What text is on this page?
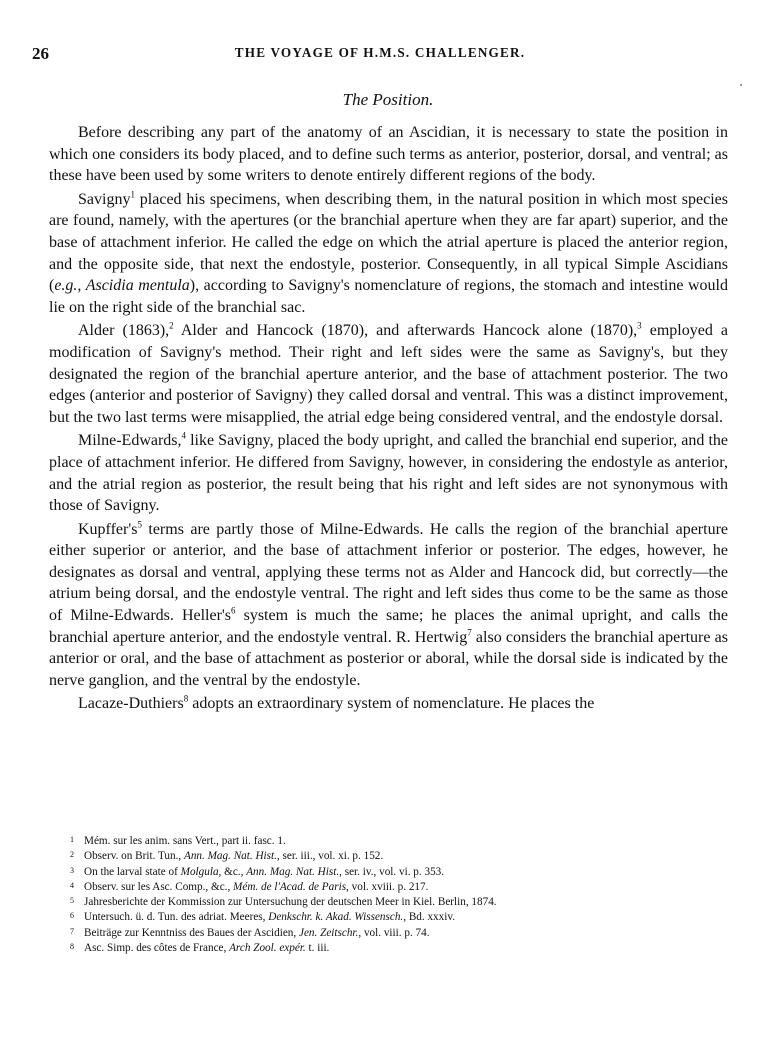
26	THE VOYAGE OF H.M.S. CHALLENGER.
The Position.

Before describing any part of the anatomy of an Ascidian, it is necessary to state the position in which one considers its body placed, and to define such terms as anterior, posterior, dorsal, and ventral; as these have been used by some writers to denote entirely different regions of the body.

Savigny$^1$ placed his specimens, when describing them, in the natural position in which most species are found, namely, with the apertures (or the branchial aperture when they are far apart) superior, and the base of attachment inferior. He called the edge on which the atrial aperture is placed the anterior region, and the opposite side, that next the endostyle, posterior. Consequently, in all typical Simple Ascidians (e.g., Ascidia mentula), according to Savigny's nomenclature of regions, the stomach and intestine would lie on the right side of the branchial sac.

Alder (1863),$^2$ Alder and Hancock (1870), and afterwards Hancock alone (1870),$^3$ employed a modification of Savigny's method. Their right and left sides were the same as Savigny's, but they designated the region of the branchial aperture anterior, and the base of attachment posterior. The two edges (anterior and posterior of Savigny) they called dorsal and ventral. This was a distinct improvement, but the two last terms were misapplied, the atrial edge being considered ventral, and the endostyle dorsal.

Milne-Edwards,$^4$ like Savigny, placed the body upright, and called the branchial end superior, and the place of attachment inferior. He differed from Savigny, however, in considering the endostyle as anterior, and the atrial region as posterior, the result being that his right and left sides are not synonymous with those of Savigny.

$Kupffer's^5$ terms are partly those of Milne-Edwards. He calls the region of the branchial aperture either superior or anterior, and the base of attachment inferior or posterior. The edges, however, he designates as dorsal and ventral, applying these terms not as Alder and Hancock did, but correctly—the atrium being dorsal, and the endostyle ventral. The right and left sides thus come to be the same as those of Milne-Edwards. $Heller's^6$ system is much the same; he places the animal upright, and calls the branchial aperture anterior, and the endostyle ventral. R. Hertwig$^7$ also considers the branchial aperture as anterior or oral, and the base of attachment as posterior or aboral, while the dorsal side is indicated by the nerve ganglion, and the ventral by the endostyle.

Lacaze-Duthiers$^8$ adopts an extraordinary system of nomenclature. He places the

1 Mém. sur les anim. sans Vert., part ii. fasc. 1.
2 Observ. on Brit. Tun., Ann. Mag. Nat. Hist., ser. iii., vol. xi. p. 152.
3 On the larval state of Molgula, &c., Ann. Mag. Nat. Hist., ser. iv., vol. vi. p. 353.
4 Observ. sur les Asc. Comp., &c., Mém. de l'Acad. de Paris, vol. xviii. p. 217.
5 Jahresberichte der Kommission zur Untersuchung der deutschen Meer in Kiel. Berlin, 1874.
6 Untersuch. ü. d. Tun. des adriat. Meeres, Denkschr. k. Akad. Wissensch., Bd. xxxiv.
7 Beiträge zur Kenntniss des Baues der Ascidien, Jen. Zeitschr., vol. viii. p. 74.
8 Asc. Simp. des côtes de France, Arch Zool. expér. t. iii.
